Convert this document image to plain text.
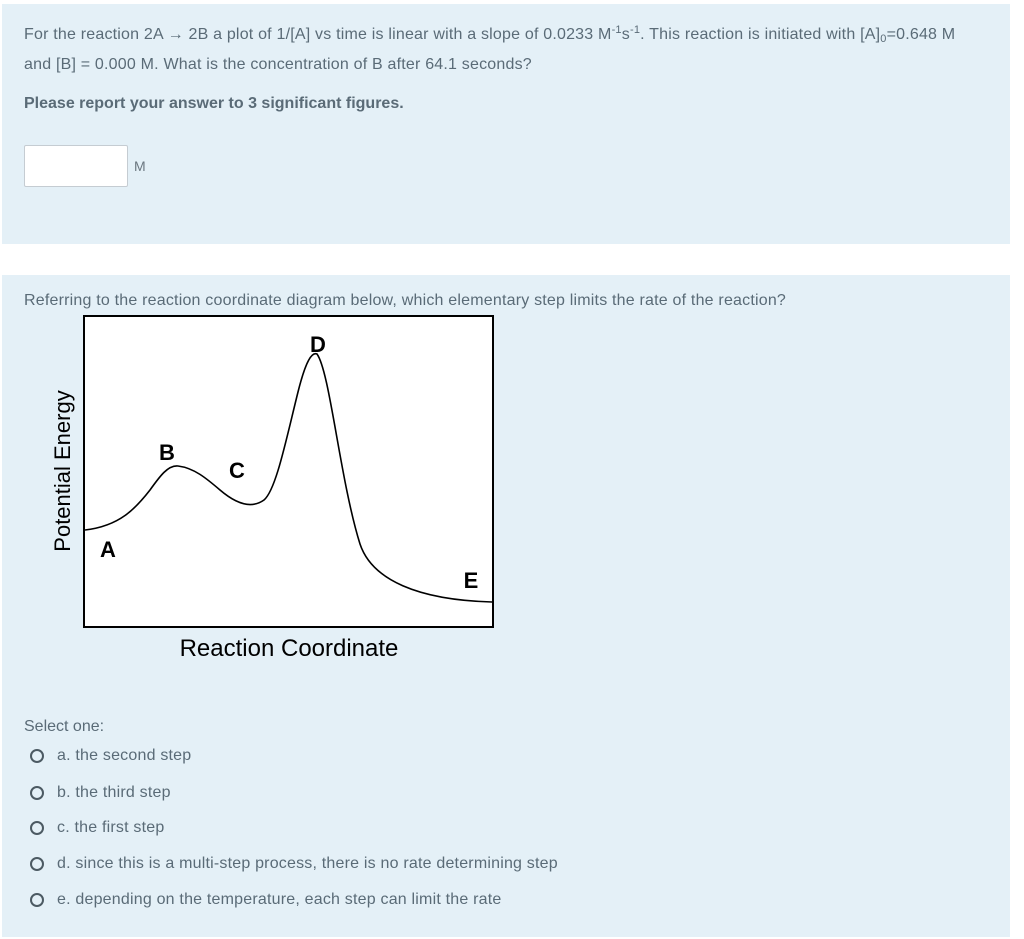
For the reaction 2A → 2B a plot of 1/[A] vs time is linear with a slope of 0.0233 $M^{-1}s^{-1}$. This reaction is initiated with $[A]_0=0.648$ M and [B] = 0.000 M. What is the concentration of B after 64.1 seconds?
Please report your answer to 3 significant figures.
M
Referring to the reaction coordinate diagram below, which elementary step limits the rate of the reaction?
A
B
C
D
E
Potential Energy
Reaction Coordinate
Select one:
a. the second step
b. the third step
c. the first step
d. since this is a multi-step process, there is no rate determining step
e. depending on the temperature, each step can limit the rate
